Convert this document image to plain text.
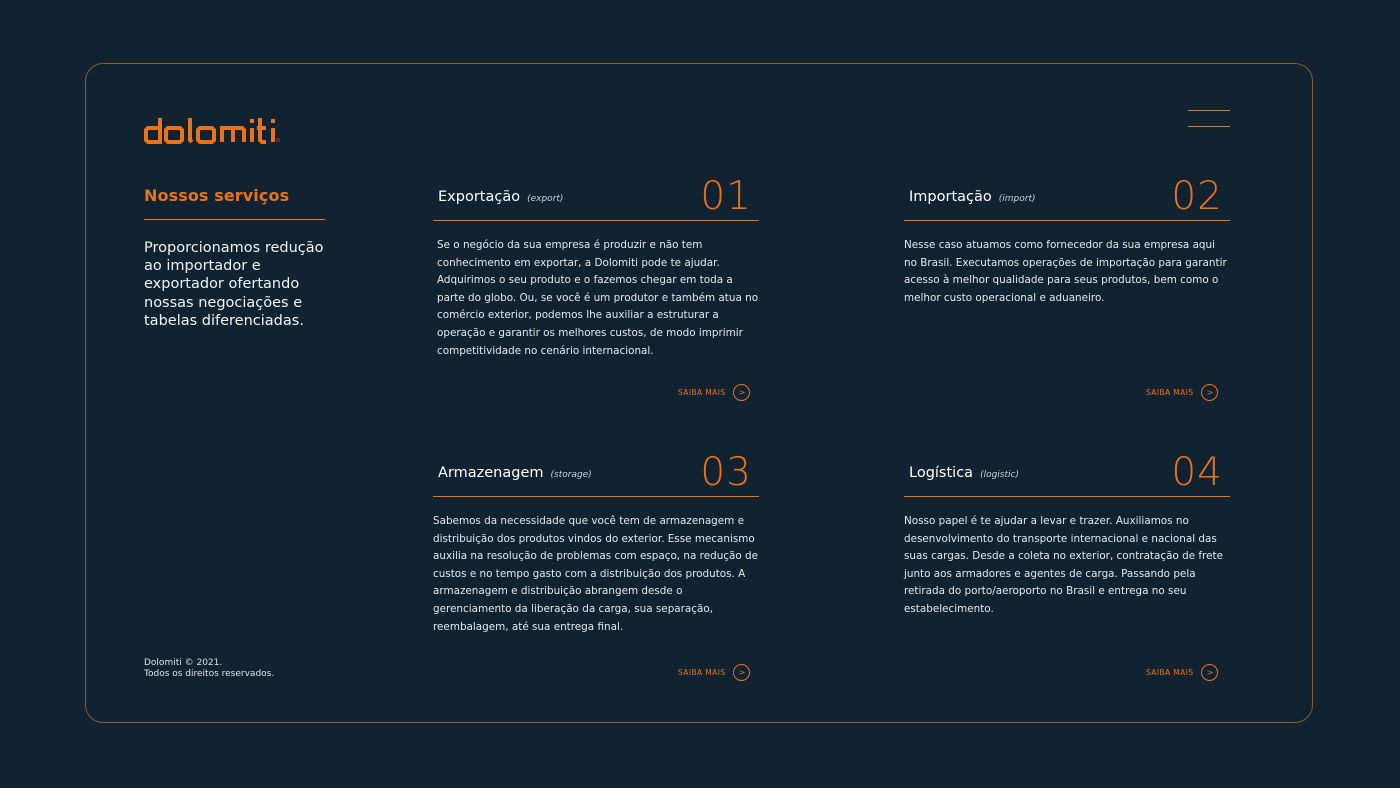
Nossos serviços
Proporcionamos redução ao importador e exportador ofertando nossas negociações e tabelas diferenciadas.
Dolomiti © 2021.
Todos os direitos reservados.
Exportação (export)	01
Se o negócio da sua empresa é produzir e não tem conhecimento em exportar, a Dolomiti pode te ajudar. Adquirimos o seu produto e o fazemos chegar em toda a parte do globo. Ou, se você é um produtor e também atua no comércio exterior, podemos lhe auxiliar a estruturar a operação e garantir os melhores custos, de modo imprimir competitividade no cenário internacional.
SAIBA MAIS	>
Importação (import)	02
Nesse caso atuamos como fornecedor da sua empresa aqui no Brasil. Executamos operações de importação para garantir acesso à melhor qualidade para seus produtos, bem como o melhor custo operacional e aduaneiro.
SAIBA MAIS	>
Armazenagem (storage)	03
Sabemos da necessidade que você tem de armazenagem e distribuição dos produtos vindos do exterior. Esse mecanismo auxilia na resolução de problemas com espaço, na redução de custos e no tempo gasto com a distribuição dos produtos. A armazenagem e distribuição abrangem desde o gerenciamento da liberação da carga, sua separação, reembalagem, até sua entrega final.
SAIBA MAIS	>
Logística (logistic)	04
Nosso papel é te ajudar a levar e trazer. Auxiliamos no desenvolvimento do transporte internacional e nacional das suas cargas. Desde a coleta no exterior, contratação de frete junto aos armadores e agentes de carga. Passando pela retirada do porto/aeroporto no Brasil e entrega no seu estabelecimento.
SAIBA MAIS	>
